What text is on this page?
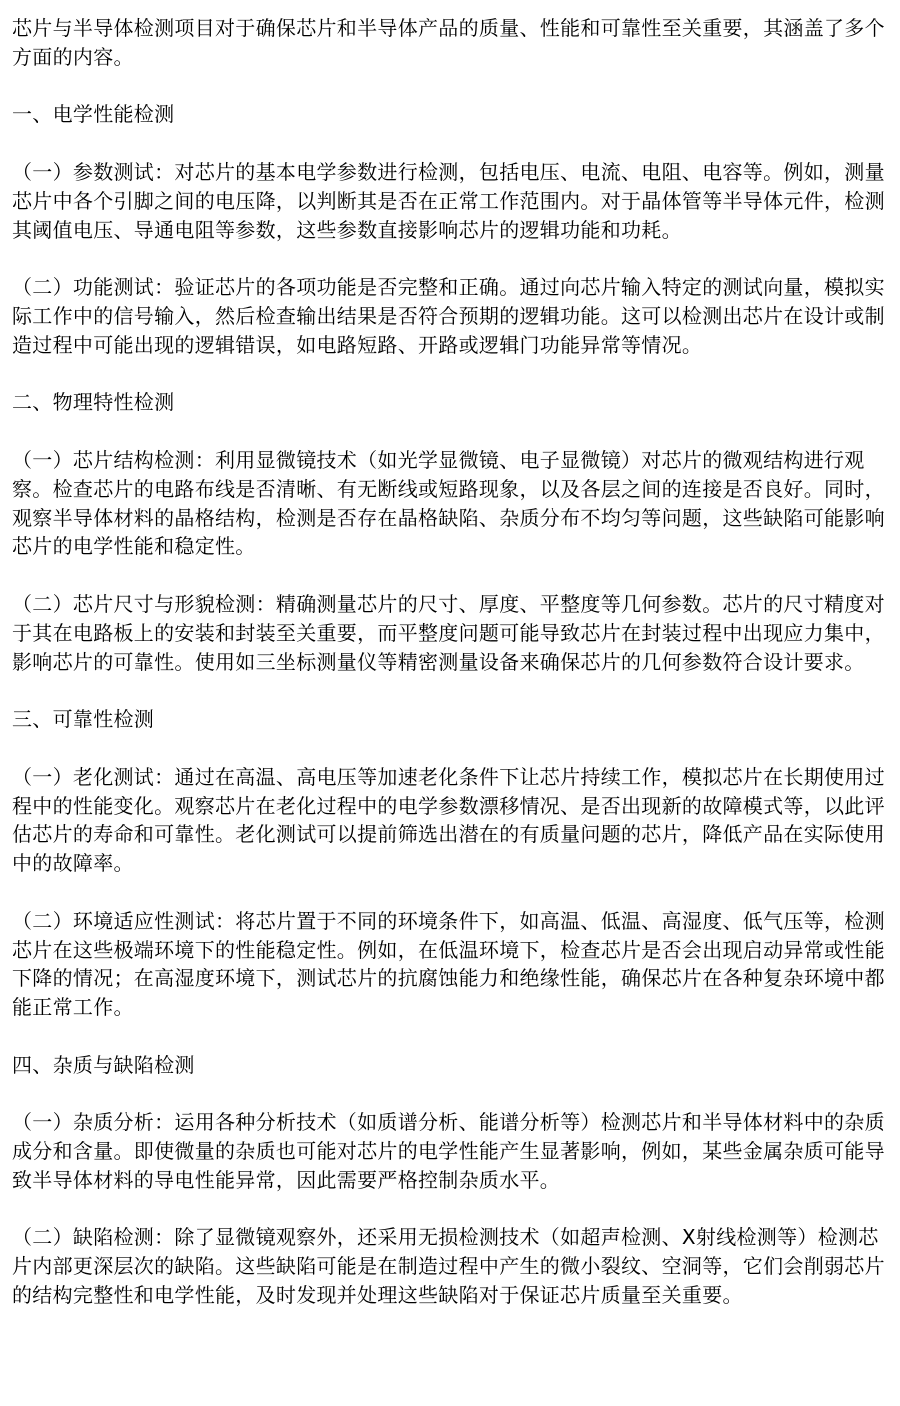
芯片与半导体检测项目对于确保芯片和半导体产品的质量、性能和可靠性至关重要，其涵盖了多个方面的内容。

一、电学性能检测

（一）参数测试：对芯片的基本电学参数进行检测，包括电压、电流、电阻、电容等。例如，测量芯片中各个引脚之间的电压降，以判断其是否在正常工作范围内。对于晶体管等半导体元件，检测其阈值电压、导通电阻等参数，这些参数直接影响芯片的逻辑功能和功耗。

（二）功能测试：验证芯片的各项功能是否完整和正确。通过向芯片输入特定的测试向量，模拟实际工作中的信号输入，然后检查输出结果是否符合预期的逻辑功能。这可以检测出芯片在设计或制造过程中可能出现的逻辑错误，如电路短路、开路或逻辑门功能异常等情况。

二、物理特性检测

（一）芯片结构检测：利用显微镜技术（如光学显微镜、电子显微镜）对芯片的微观结构进行观察。检查芯片的电路布线是否清晰、有无断线或短路现象，以及各层之间的连接是否良好。同时，观察半导体材料的晶格结构，检测是否存在晶格缺陷、杂质分布不均匀等问题，这些缺陷可能影响芯片的电学性能和稳定性。

（二）芯片尺寸与形貌检测：精确测量芯片的尺寸、厚度、平整度等几何参数。芯片的尺寸精度对于其在电路板上的安装和封装至关重要，而平整度问题可能导致芯片在封装过程中出现应力集中，影响芯片的可靠性。使用如三坐标测量仪等精密测量设备来确保芯片的几何参数符合设计要求。

三、可靠性检测

（一）老化测试：通过在高温、高电压等加速老化条件下让芯片持续工作，模拟芯片在长期使用过程中的性能变化。观察芯片在老化过程中的电学参数漂移情况、是否出现新的故障模式等，以此评估芯片的寿命和可靠性。老化测试可以提前筛选出潜在的有质量问题的芯片，降低产品在实际使用中的故障率。

（二）环境适应性测试：将芯片置于不同的环境条件下，如高温、低温、高湿度、低气压等，检测芯片在这些极端环境下的性能稳定性。例如，在低温环境下，检查芯片是否会出现启动异常或性能下降的情况；在高湿度环境下，测试芯片的抗腐蚀能力和绝缘性能，确保芯片在各种复杂环境中都能正常工作。

四、杂质与缺陷检测

（一）杂质分析：运用各种分析技术（如质谱分析、能谱分析等）检测芯片和半导体材料中的杂质成分和含量。即使微量的杂质也可能对芯片的电学性能产生显著影响，例如，某些金属杂质可能导致半导体材料的导电性能异常，因此需要严格控制杂质水平。

（二）缺陷检测：除了显微镜观察外，还采用无损检测技术（如超声检测、X射线检测等）检测芯片内部更深层次的缺陷。这些缺陷可能是在制造过程中产生的微小裂纹、空洞等，它们会削弱芯片的结构完整性和电学性能，及时发现并处理这些缺陷对于保证芯片质量至关重要。
